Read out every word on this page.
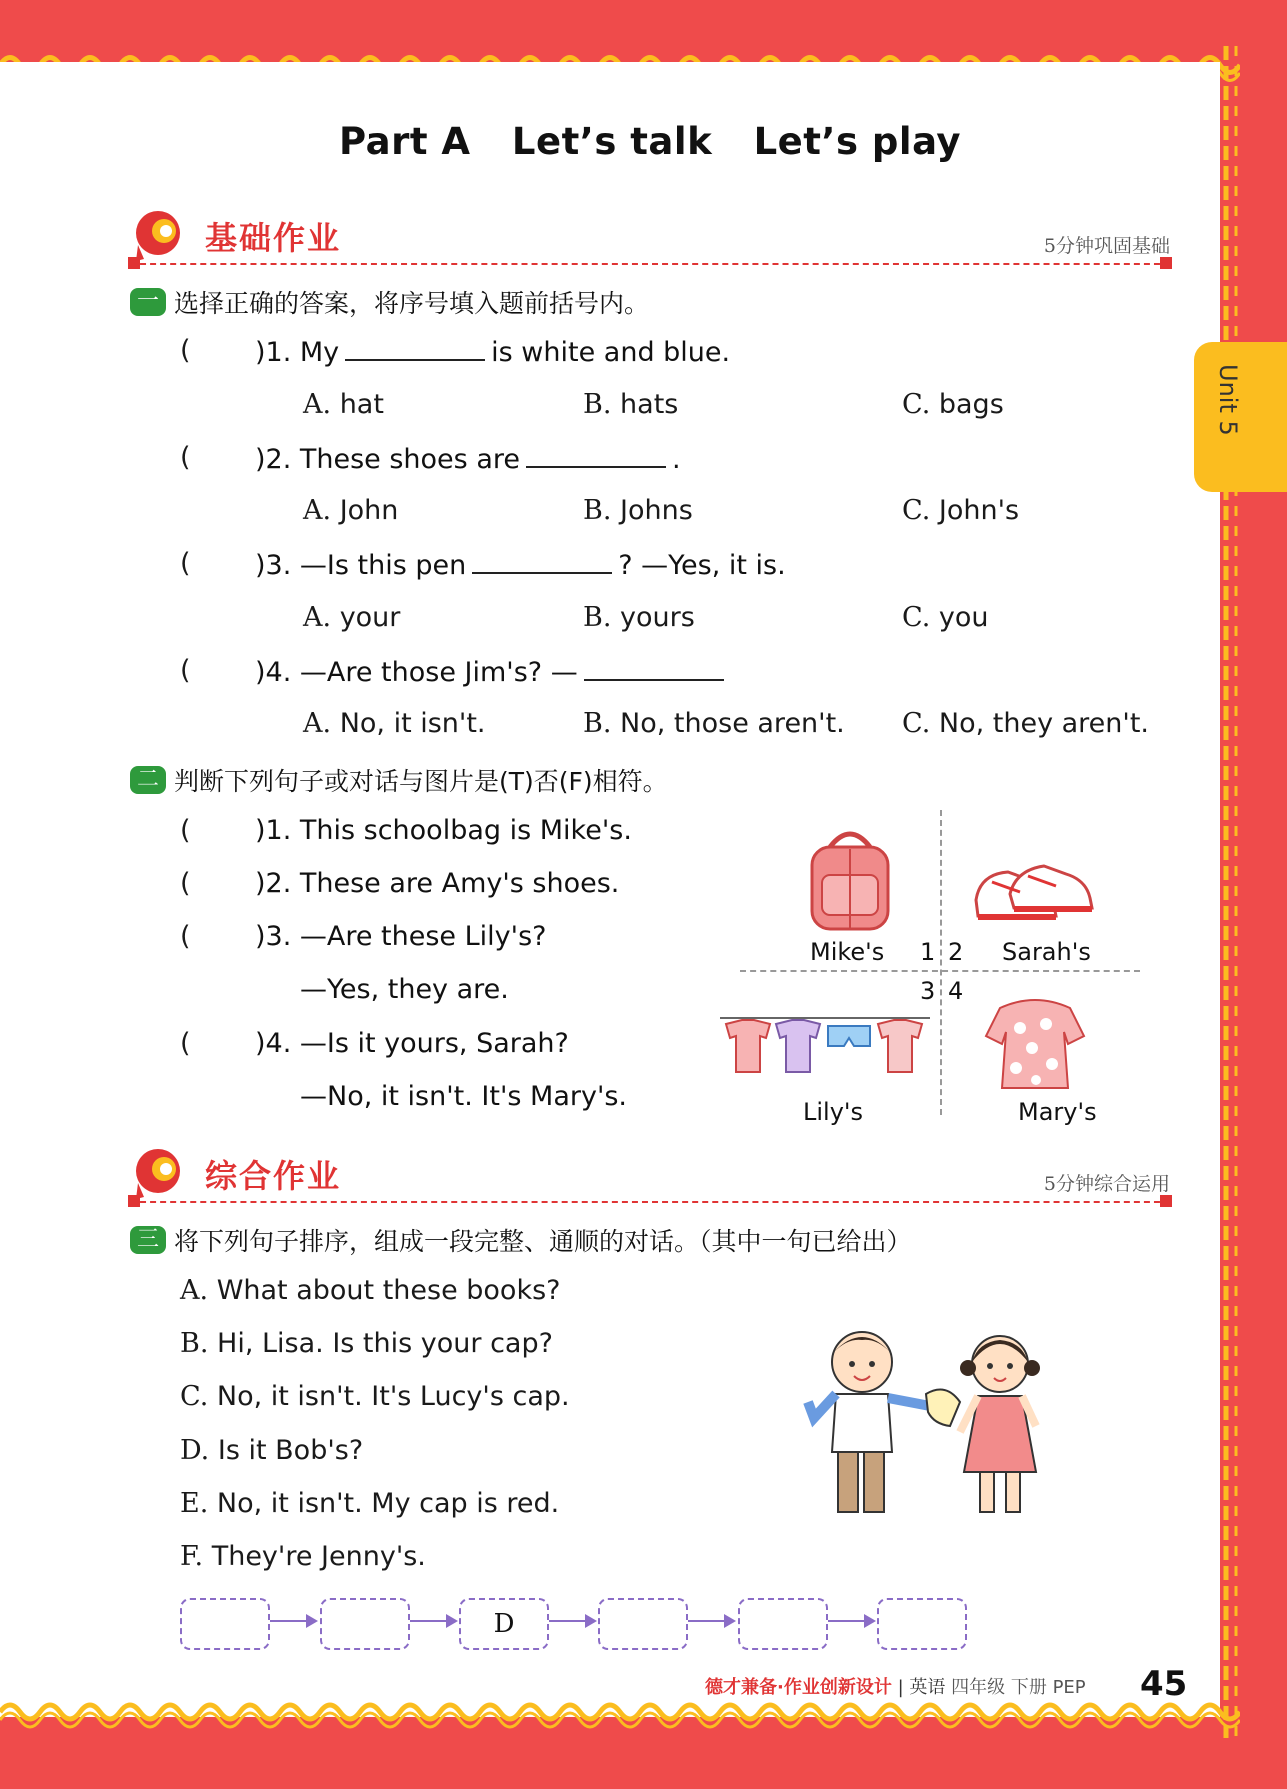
Part A Let’s talk Let’s play
Unit 5
基础作业	5分钟巩固基础
一 选择正确的答案，将序号填入题前括号内。
( )1. My	is white and blue.
A. hat	B. hats	C. bags
( )2. These shoes are	.
A. John	B. Johns	C. John's
( )3. —Is this pen	? —Yes, it is.
A. your	B. yours	C. you
( )4. —Are those Jim's? —
A. No, it isn't.	B. No, those aren't. C. No, they aren't.
二 判断下列句子或对话与图片是(T)否(F)相符。
( )1. This schoolbag is Mike's.
( )2. These are Amy's shoes.
( )3. —Are these Lily's?
—Yes, they are.
( )4. —Is it yours, Sarah?
—No, it isn't. It's Mary's.
Mike's 1 2 Sarah's
3 4
Lily's	Mary's
综合作业	5分钟综合运用
三 将下列句子排序，组成一段完整、通顺的对话。（其中一句已给出）
A. What about these books?
B. Hi, Lisa. Is this your cap?
C. No, it isn't. It's Lucy's cap.
D. Is it Bob's?
E. No, it isn't. My cap is red.
F. They're Jenny's.
D
德才兼备·作业创新设计 | 英语 四年级 下册 PEP 45
